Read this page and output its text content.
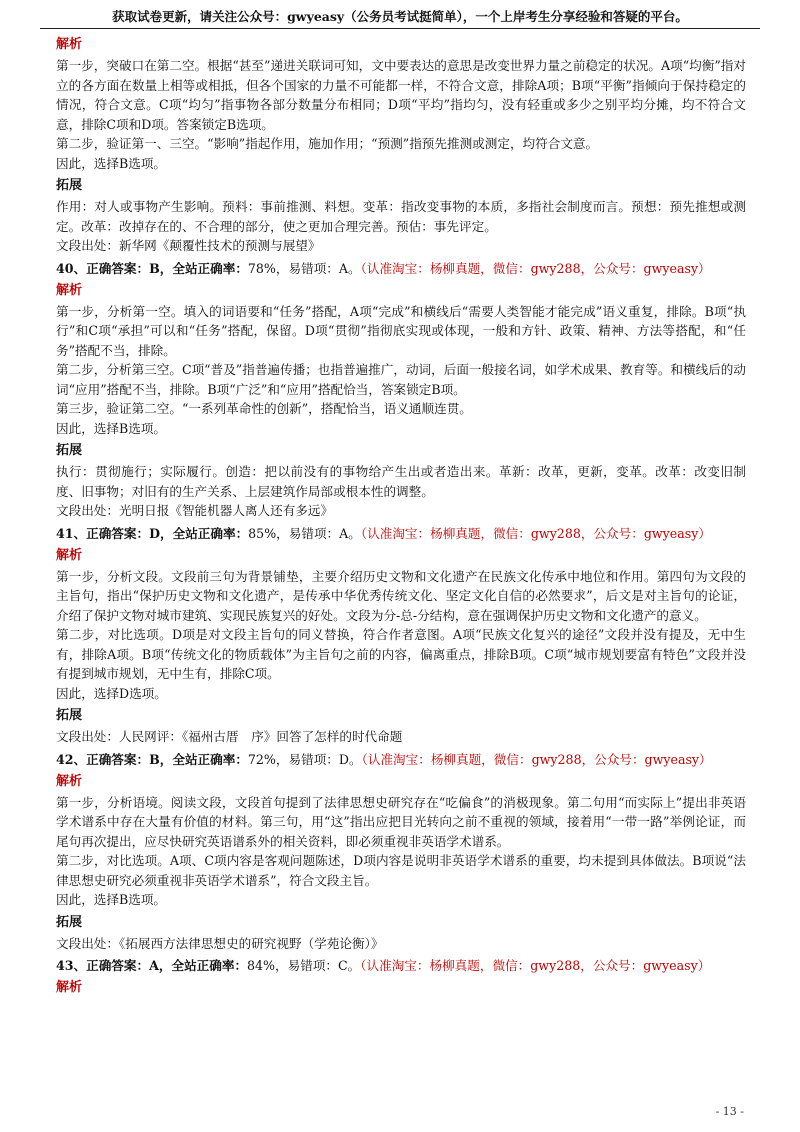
获取试卷更新，请关注公众号：gwyeasy（公务员考试挺简单），一个上岸考生分享经验和答疑的平台。
解析

第一步，突破口在第二空。根据“甚至”递进关联词可知，文中要表达的意思是改变世界力量之前稳定的状况。A项“均衡”指对立的各方面在数量上相等或相抵，但各个国家的力量不可能都一样，不符合文意，排除A项；B项“平衡”指倾向于保持稳定的情况，符合文意。C项“均匀”指事物各部分数量分布相同；D项“平均”指均匀，没有轻重或多少之别平均分摊，均不符合文意，排除C项和D项。答案锁定B选项。

第二步，验证第一、三空。“影响”指起作用，施加作用；“预测”指预先推测或测定，均符合文意。

因此，选择B选项。

拓展

作用：对人或事物产生影响。预料：事前推测、料想。变革：指改变事物的本质，多指社会制度而言。预想：预先推想或测定。改革：改掉存在的、不合理的部分，使之更加合理完善。预估：事先评定。

文段出处：新华网《颠覆性技术的预测与展望》

40、正确答案：B，全站正确率：78%，易错项：A。（认准淘宝：杨柳真题，微信：gwy288，公众号：gwyeasy）
解析

第一步，分析第一空。填入的词语要和“任务”搭配，A项“完成”和横线后“需要人类智能才能完成”语义重复，排除。B项“执行”和C项“承担”可以和“任务”搭配，保留。D项“贯彻”指彻底实现或体现，一般和方针、政策、精神、方法等搭配，和“任务”搭配不当，排除。

第二步，分析第三空。C项“普及”指普遍传播；也指普遍推广，动词，后面一般接名词，如学术成果、教育等。和横线后的动词“应用”搭配不当，排除。B项“广泛”和“应用”搭配恰当，答案锁定B项。

第三步，验证第二空。“一系列革命性的创新”，搭配恰当，语义通顺连贯。

因此，选择B选项。

拓展

执行：贯彻施行；实际履行。创造：把以前没有的事物给产生出或者造出来。革新：改革，更新，变革。改革：改变旧制度、旧事物；对旧有的生产关系、上层建筑作局部或根本性的调整。

文段出处：光明日报《智能机器人离人还有多远》

41、正确答案：D，全站正确率：85%，易错项：A。（认准淘宝：杨柳真题，微信：gwy288，公众号：gwyeasy）
解析

第一步，分析文段。文段前三句为背景铺垫，主要介绍历史文物和文化遗产在民族文化传承中地位和作用。第四句为文段的主旨句，指出“保护历史文物和文化遗产，是传承中华优秀传统文化、坚定文化自信的必然要求”，后文是对主旨句的论证，介绍了保护文物对城市建筑、实现民族复兴的好处。文段为分-总-分结构，意在强调保护历史文物和文化遗产的意义。

第二步，对比选项。D项是对文段主旨句的同义替换，符合作者意图。A项“民族文化复兴的途径”文段并没有提及，无中生有，排除A项。B项“传统文化的物质载体”为主旨句之前的内容，偏离重点，排除B项。C项“城市规划要富有特色”文段并没有提到城市规划，无中生有，排除C项。

因此，选择D选项。

拓展

文段出处：人民网评：《福州古厝　序》回答了怎样的时代命题

42、正确答案：B，全站正确率：72%，易错项：D。（认准淘宝：杨柳真题，微信：gwy288，公众号：gwyeasy）
解析

第一步，分析语境。阅读文段，文段首句提到了法律思想史研究存在“吃偏食”的消极现象。第二句用“而实际上”提出非英语学术谱系中存在大量有价值的材料。第三句，用“这”指出应把目光转向之前不重视的领域，接着用“一带一路”举例论证，而尾句再次提出，应尽快研究英语谱系外的相关资料，即必须重视非英语学术谱系。

第二步，对比选项。A项、C项内容是客观问题陈述，D项内容是说明非英语学术谱系的重要，均未提到具体做法。B项说“法律思想史研究必须重视非英语学术谱系”，符合文段主旨。

因此，选择B选项。

拓展

文段出处：《拓展西方法律思想史的研究视野（学苑论衡）》

43、正确答案：A，全站正确率：84%，易错项：C。（认准淘宝：杨柳真题，微信：gwy288，公众号：gwyeasy）
解析
- 13 -
